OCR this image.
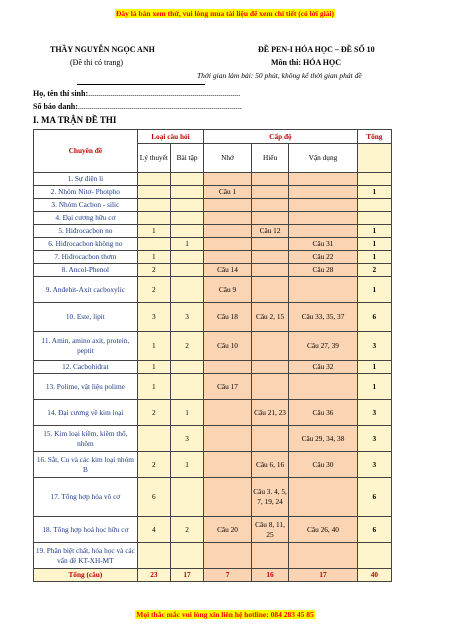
Đây là bản xem thử, vui lòng mua tài liệu để xem chi tiết (có lời giải)
THẦY NGUYỄN NGỌC ANH	ĐỀ PEN-I HÓA HỌC – ĐỀ SỐ 10
(Đề thi có trang)	Môn thi: HÓA HỌC
Thời gian làm bài: 50 phút, không kể thời gian phát đề
Họ, tên thí sinh:............................................................................
Số báo danh:..................................................................................
I. MA TRẬN ĐỀ THI
Chuyên đề	Loại câu hỏi		Cấp độ			Tổng
	Lý thuyết	Bài tập	Nhớ	Hiểu	Vận dụng	
1. Sự điện li						
2. Nhóm Nitơ- Photpho			Câu 1			1
3. Nhóm Cacbon - silic						
4. Đại cương hữu cơ						
5. Hiđrocacbon no	1			Câu 12		1
6. Hiđrocacbon không no		1			Câu 31	1
7. Hiđrocacbon thơm	1				Câu 22	1
8. Ancol-Phenol	2		Câu 14		Câu 28	2
9. Anđehit-Axit cacboxylic	2		Câu 9			1
10. Este, lipit	3	3	Câu 18	Câu 2, 15	Câu 33, 35, 37	6
11. Amin, amino axit, protein, peptit	1	2	Câu 10		Câu 27, 39	3
12. Cacbohiđrat	1				Câu 32	1
13. Polime, vật liệu polime	1		Câu 17			1
14. Đại cương về kim loại	2	1		Câu 21, 23	Câu 36	3
15. Kim loại kiềm, kiềm thổ, nhôm		3			Câu 29, 34, 38	3
16. Sắt, Cu và các kim loại nhóm B	2	1		Câu 6, 16	Câu 30	3
17. Tổng hợp hóa vô cơ	6			Câu 3. 4, 5, 7, 19, 24		6
18. Tổng hợp hoá học hữu cơ	4	2	Câu 20	Câu 8, 11, 25	Câu 26, 40	6
19. Phân biệt chất, hóa học và các vấn đề KT-XH-MT						
Tổng (câu)	23	17	7	16	17	40
Mọi thắc mắc vui lòng xin liên hệ hotline: 084 283 45 85
